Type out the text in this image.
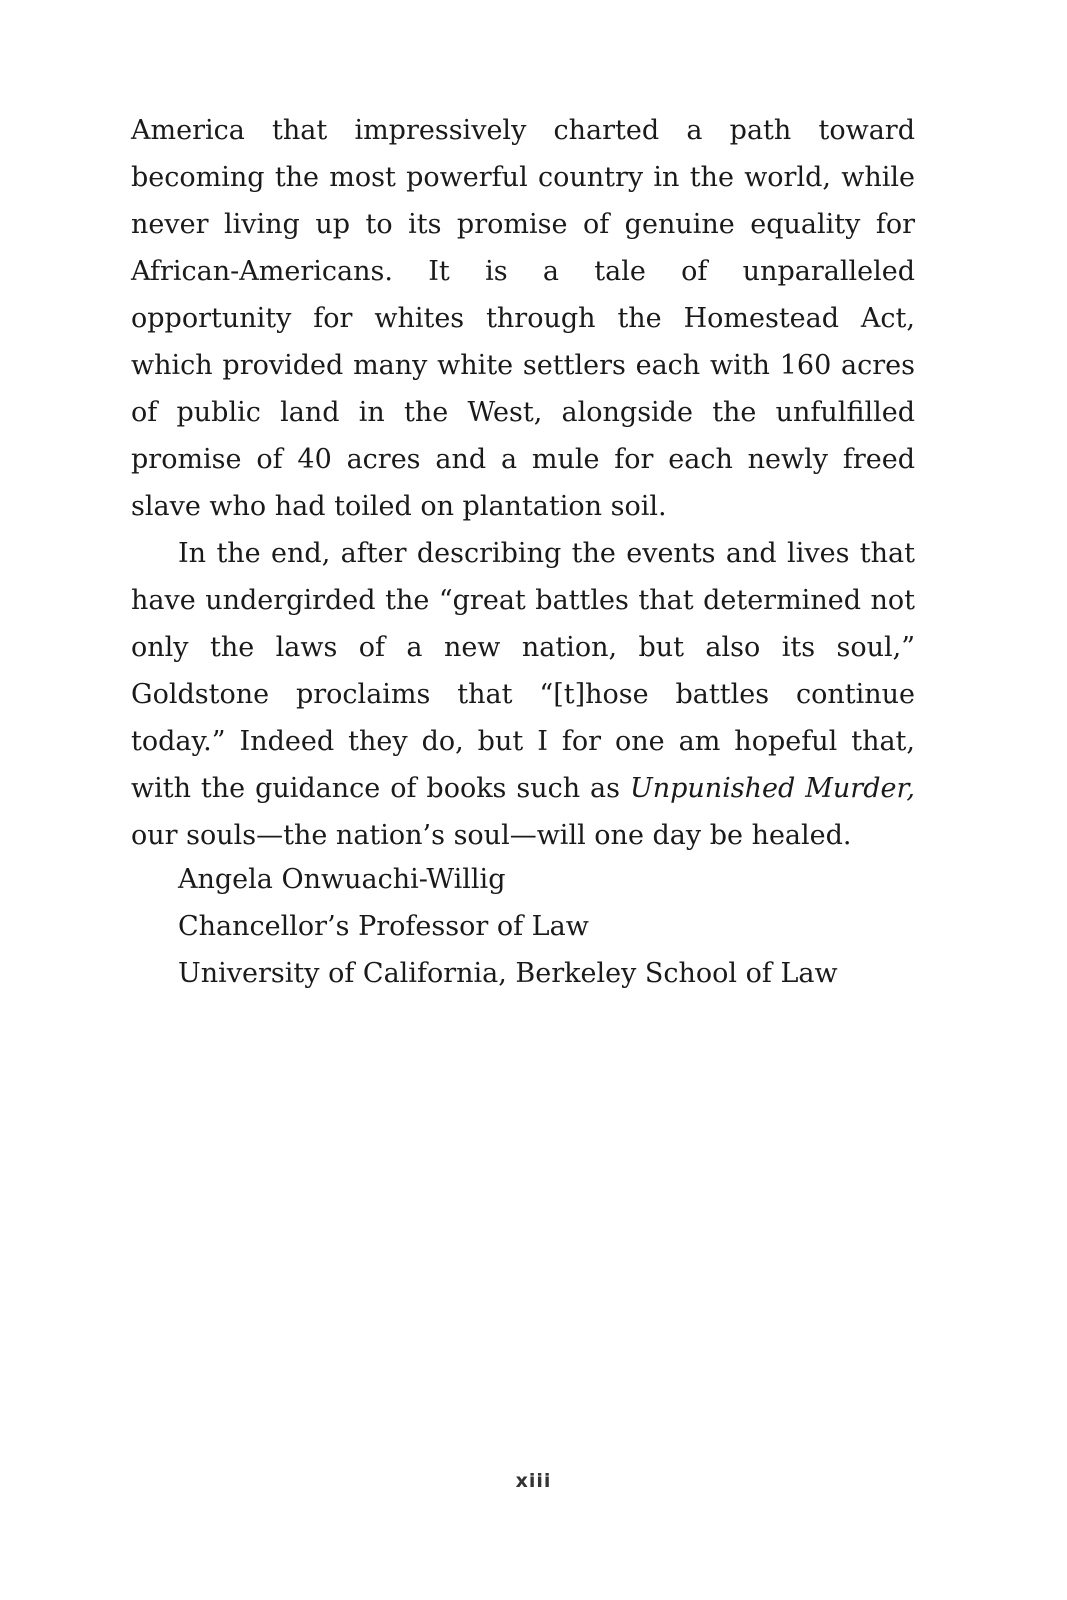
America that impressively charted a path toward becoming the most powerful country in the world, while never living up to its promise of genuine equality for African-Americans. It is a tale of unparalleled opportunity for whites through the Homestead Act, which provided many white settlers each with 160 acres of public land in the West, alongside the unfulfilled promise of 40 acres and a mule for each newly freed slave who had toiled on plantation soil.

In the end, after describing the events and lives that have undergirded the “great battles that determined not only the laws of a new nation, but also its soul,” Goldstone proclaims that “[t]hose battles continue today.” Indeed they do, but I for one am hopeful that, with the guidance of books such as Unpunished Murder, our souls—the nation’s soul—will one day be healed.

Angela Onwuachi-Willig
Chancellor’s Professor of Law
University of California, Berkeley School of Law
xiii
